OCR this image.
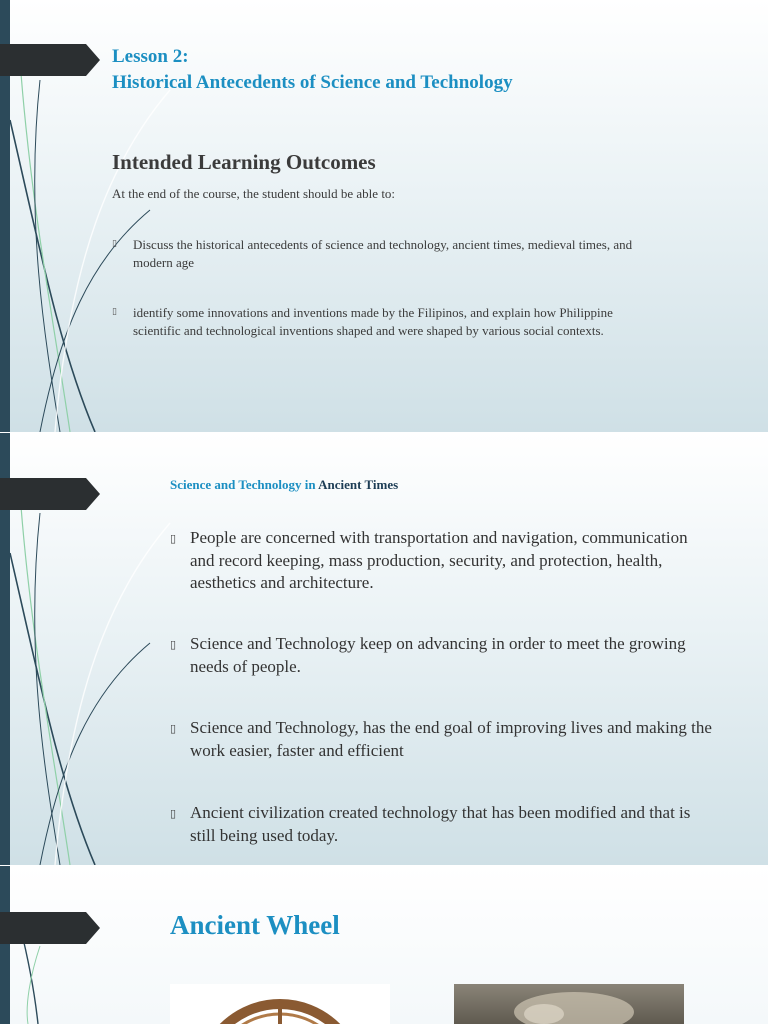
Lesson 2:
Historical Antecedents of Science and Technology
Intended Learning Outcomes
At the end of the course, the student should be able to:
▯	Discuss the historical antecedents of science and technology, ancient times, medieval times, and modern age
▯	identify some innovations and inventions made by the Filipinos, and explain how Philippine scientific and technological inventions shaped and were shaped by various social contexts.
Science and Technology in Ancient Times
▯ People are concerned with transportation and navigation, communication and record keeping, mass production, security, and protection, health, aesthetics and architecture.
▯ Science and Technology keep on advancing in order to meet the growing needs of people.
▯ Science and Technology, has the end goal of improving lives and making the work easier, faster and efficient
▯ Ancient civilization created technology that has been modified and that is still being used today.
Ancient Wheel
